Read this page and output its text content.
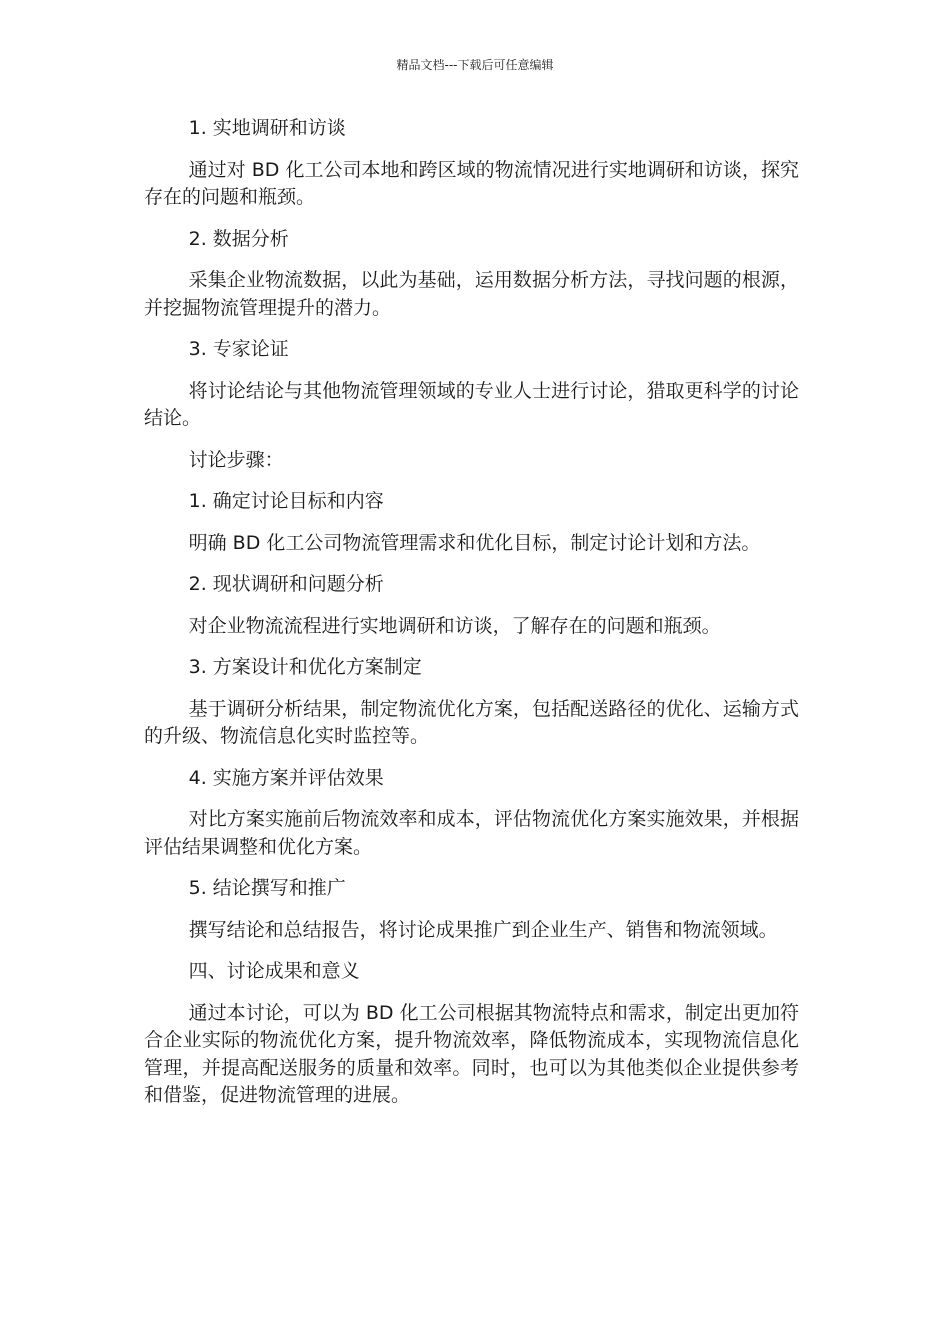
精品文档---下载后可任意编辑

1. 实地调研和访谈

通过对 BD 化工公司本地和跨区域的物流情况进行实地调研和访谈，探究存在的问题和瓶颈。

2. 数据分析

采集企业物流数据，以此为基础，运用数据分析方法，寻找问题的根源，并挖掘物流管理提升的潜力。

3. 专家论证

将讨论结论与其他物流管理领域的专业人士进行讨论，猎取更科学的讨论结论。

讨论步骤：

1. 确定讨论目标和内容

明确 BD 化工公司物流管理需求和优化目标，制定讨论计划和方法。

2. 现状调研和问题分析

对企业物流流程进行实地调研和访谈，了解存在的问题和瓶颈。

3. 方案设计和优化方案制定

基于调研分析结果，制定物流优化方案，包括配送路径的优化、运输方式的升级、物流信息化实时监控等。

4. 实施方案并评估效果

对比方案实施前后物流效率和成本，评估物流优化方案实施效果，并根据评估结果调整和优化方案。

5. 结论撰写和推广

撰写结论和总结报告，将讨论成果推广到企业生产、销售和物流领域。

四、讨论成果和意义

通过本讨论，可以为 BD 化工公司根据其物流特点和需求，制定出更加符合企业实际的物流优化方案，提升物流效率，降低物流成本，实现物流信息化管理，并提高配送服务的质量和效率。同时，也可以为其他类似企业提供参考和借鉴，促进物流管理的进展。
